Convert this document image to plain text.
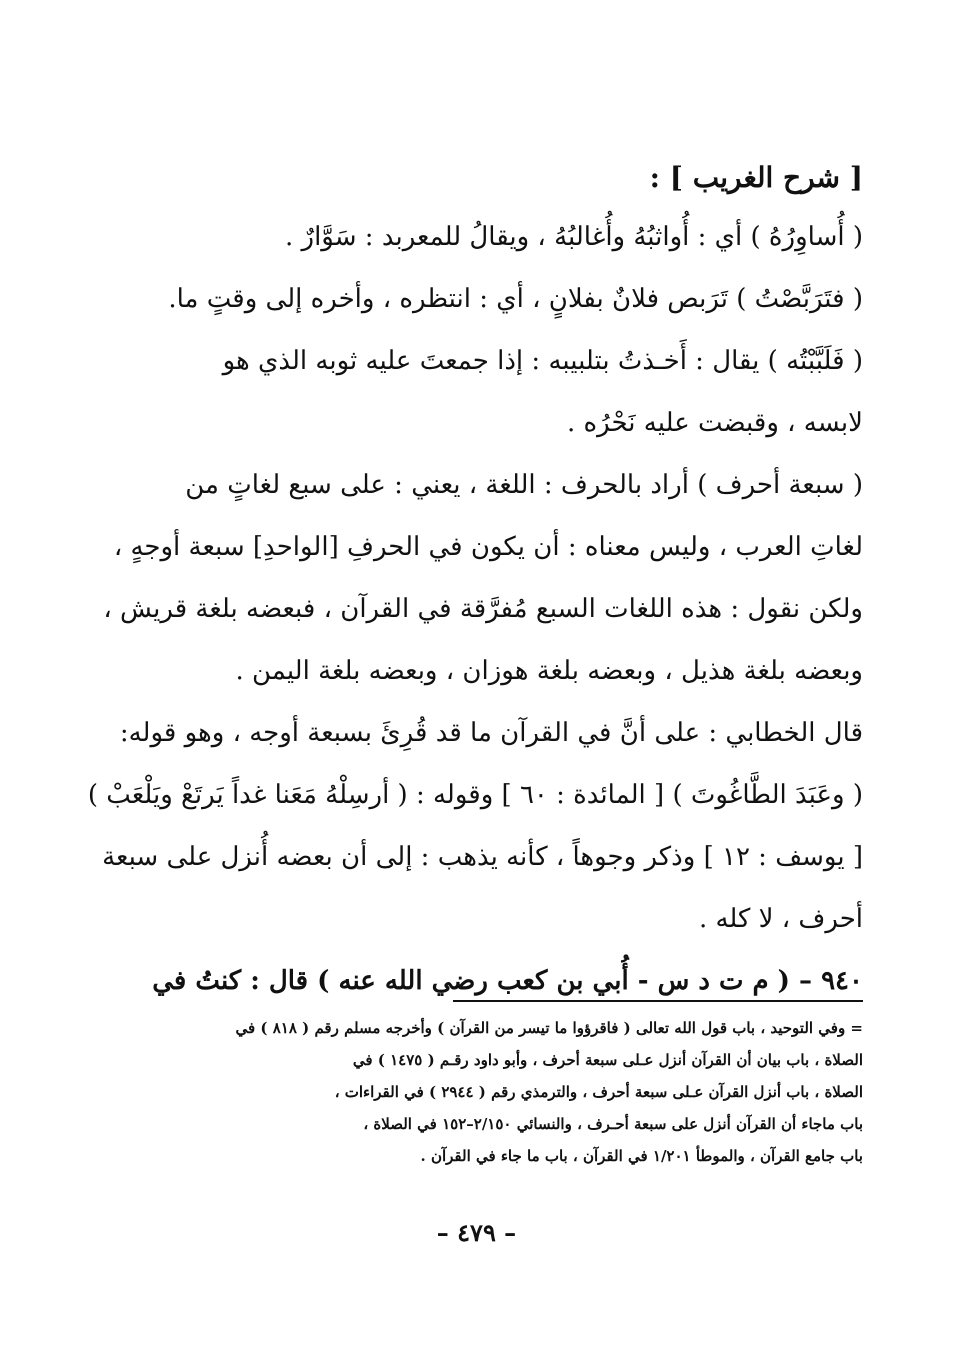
[ شرح الغريب ] :
( أُساوِرُهُ ) أي : أُواثبُهُ وأُغالبُهُ ، ويقالُ للمعربد : سَوَّارٌ .
( فتَرَبَّصْتُ ) تَرَبص فلانٌ بفلانٍ ، أي : انتظره ، وأخره إلى وقتٍ ما.
( فَلَبَّبْتُه ) يقال : أَخـذتُ بتلبيبه : إذا جمعتَ عليه ثوبه الذي هو
لابسه ، وقبضت عليه نَحْرُه .
( سبعة أحرف ) أراد بالحرف : اللغة ، يعني : على سبع لغاتٍ من
لغاتِ العرب ، وليس معناه : أن يكون في الحرفِ [الواحدِ] سبعة أوجهٍ ،
ولكن نقول : هذه اللغات السبع مُفرَّقة في القرآن ، فبعضه بلغة قريش ،
وبعضه بلغة هذيل ، وبعضه بلغة هوزان ، وبعضه بلغة اليمن .
قال الخطابي : على أنَّ في القرآن ما قد قُرِئَ بسبعة أوجه ، وهو قوله:
( وعَبَدَ الطَّاغُوتَ ) [ المائدة : ٦٠ ] وقوله : ( أرسِلْهُ مَعَنا غداً يَرتَعْ ويَلْعَبْ )
[ يوسف : ١٢ ] وذكر وجوهاً ، كأنه يذهب : إلى أن بعضه أُنزل على سبعة
أحرف ، لا كله .
٩٤٠ – ( م ت د س - أُبي بن كعب رضي الله عنه ) قال : كنتُ في
= وفي التوحيد ، باب قول الله تعالى ( فاقرؤوا ما تيسر من القرآن ) وأخرجه مسلم رقم ( ٨١٨ ) في
الصلاة ، باب بيان أن القرآن أنزل عـلى سبعة أحرف ، وأبو داود رقـم ( ١٤٧٥ ) في
الصلاة ، باب أنزل القرآن عـلى سبعة أحرف ، والترمذي رقم ( ٢٩٤٤ ) في القراءات ،
باب ماجاء أن القرآن أنزل على سبعة أحـرف ، والنسائي ٢/١٥٠–١٥٢ في الصلاة ،
باب جامع القرآن ، والموطأ ١/٢٠١ في القرآن ، باب ما جاء في القرآن .
– ٤٧٩ –
